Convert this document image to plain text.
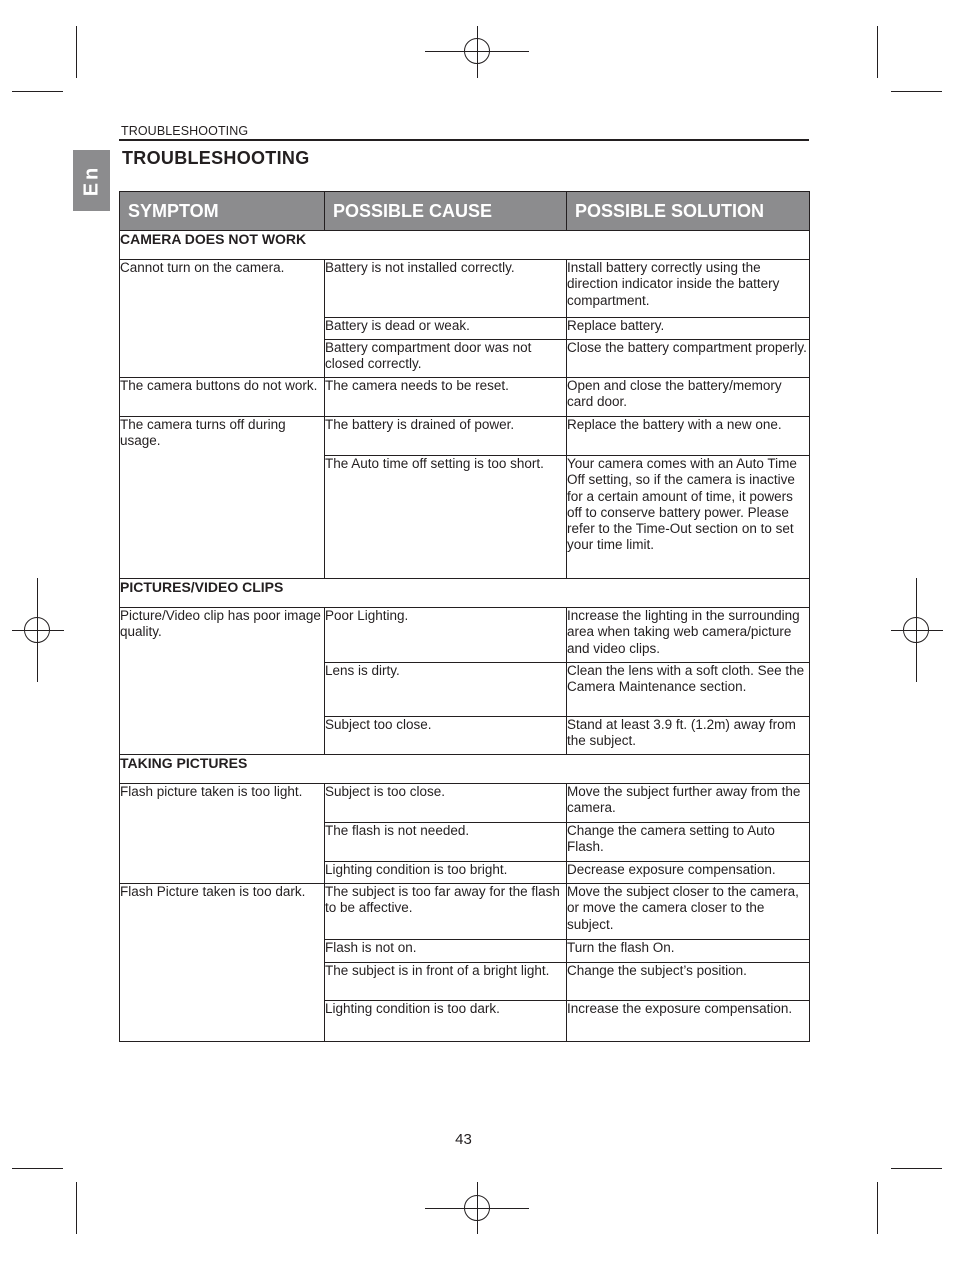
TROUBLESHOOTING
En
TROUBLESHOOTING
SYMPTOM	POSSIBLE CAUSE	POSSIBLE SOLUTION
CAMERA DOES NOT WORK		
Cannot turn on the camera.	Battery is not installed correctly.	Install battery correctly using the direction indicator inside the battery compartment.
	Battery is dead or weak.	Replace battery.
	Battery compartment door was not closed correctly.	Close the battery compartment properly.
The camera buttons do not work.	The camera needs to be reset.	Open and close the battery/memory card door.
The camera turns off during usage.	The battery is drained of power.	Replace the battery with a new one.
	The Auto time off setting is too short.	Your camera comes with an Auto Time Off setting, so if the camera is inactive for a certain amount of time, it powers off to conserve battery power. Please refer to the Time-Out section on to set your time limit.
PICTURES/VIDEO CLIPS		
Picture/Video clip has poor image quality.	Poor Lighting.	Increase the lighting in the surrounding area when taking web camera/picture and video clips.
	Lens is dirty.	Clean the lens with a soft cloth. See the Camera Maintenance section.
	Subject too close.	Stand at least 3.9 ft. (1.2m) away from the subject.
TAKING PICTURES		
Flash picture taken is too light.	Subject is too close.	Move the subject further away from the camera.
	The flash is not needed.	Change the camera setting to Auto Flash.
	Lighting condition is too bright.	Decrease exposure compensation.
Flash Picture taken is too dark.	The subject is too far away for the flash to be affective.	Move the subject closer to the camera, or move the camera closer to the subject.
	Flash is not on.	Turn the flash On.
	The subject is in front of a bright light.	Change the subject’s position.
	Lighting condition is too dark.	Increase the exposure compensation.
43
